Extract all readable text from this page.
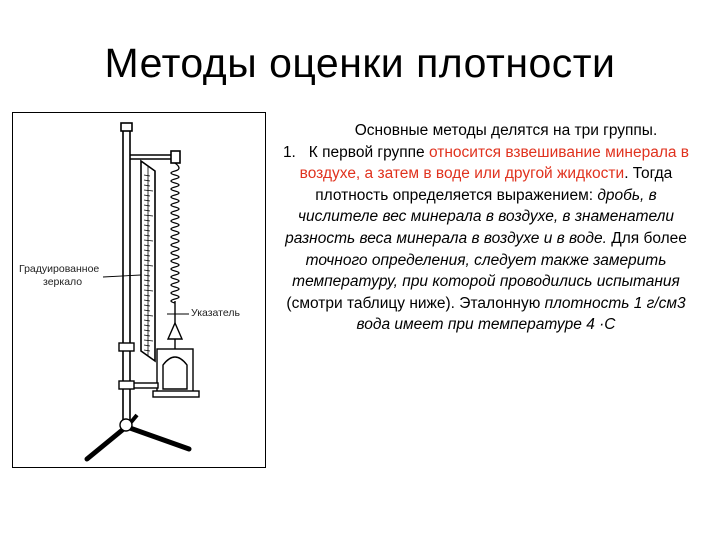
Методы оценки плотности
Градуированное
зеркало
Указатель

Основные методы делятся на три группы.

1. К первой группе относится взвешивание минерала в воздухе, а затем в воде или другой жидкости. Тогда плотность определяется выражением: дробь, в числителе вес минерала в воздухе, в знаменатели разность веса минерала в воздухе и в воде. Для более точного определения, следует также замерить температуру, при которой проводились испытания (смотри таблицу ниже). Эталонную плотность 1 г/см3 вода имеет при температуре 4 ·С
